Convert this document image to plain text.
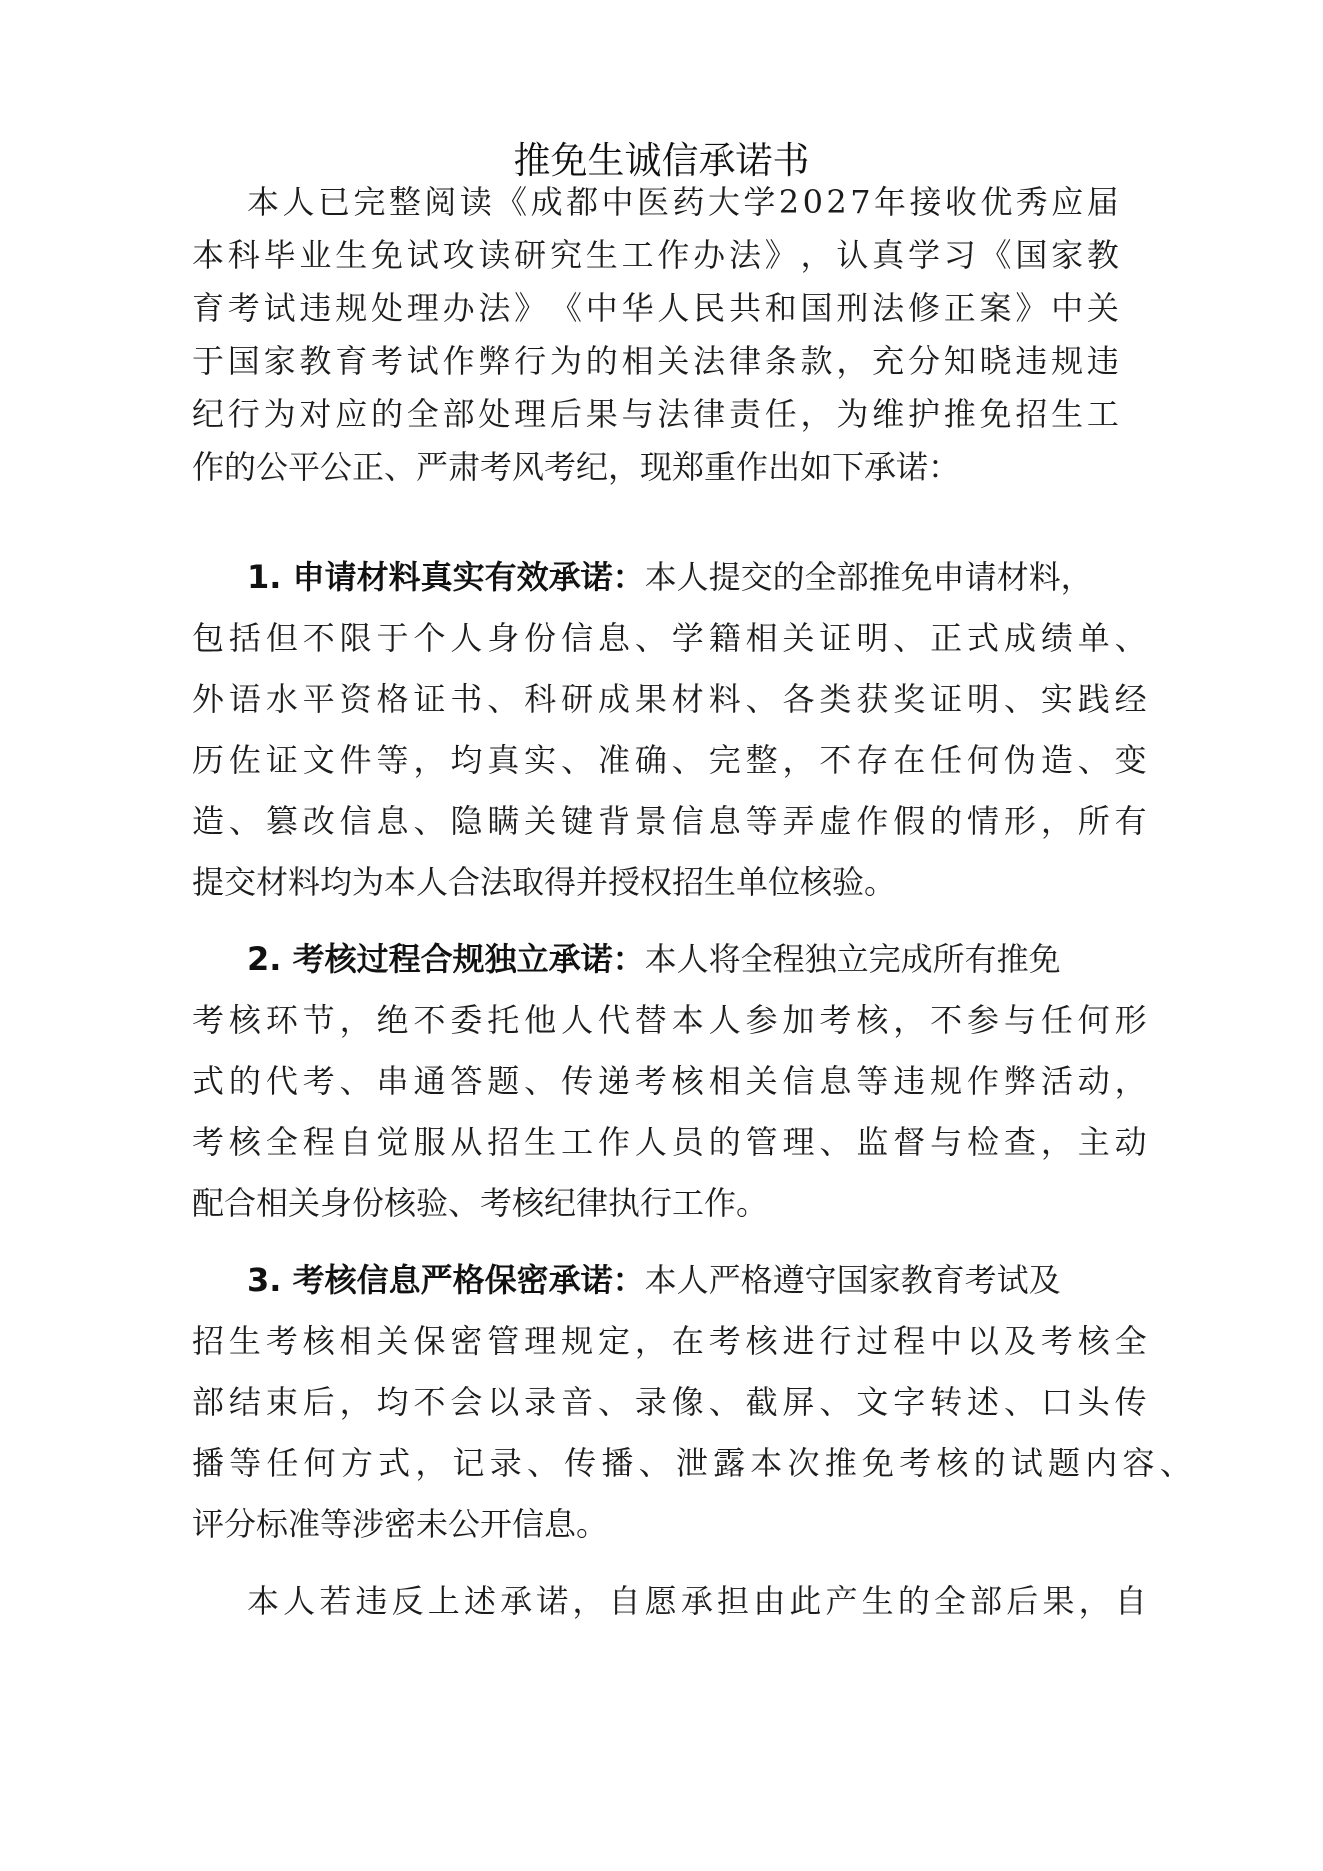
推免生诚信承诺书
本 人 已 完 整 阅 读 《 成 都 中 医 药 大 学 2 0 2 7 年 接 收 优 秀 应 届
本 科 毕 业 生 免 试 攻 读 研 究 生 工 作 办 法 》 ， 认 真 学 习 《 国 家 教
育 考 试 违 规 处 理 办 法 》 《 中 华 人 民 共 和 国 刑 法 修 正 案 》 中 关
于 国 家 教 育 考 试 作 弊 行 为 的 相 关 法 律 条 款 ， 充 分 知 晓 违 规 违
纪 行 为 对 应 的 全 部 处 理 后 果 与 法 律 责 任 ， 为 维 护 推 免 招 生 工
作的公平公正、严肃考风考纪，现郑重作出如下承诺：
1. 申请材料真实有效承诺：本人提交的全部推免申请材料，
包 括 但 不 限 于 个 人 身 份 信 息 、 学 籍 相 关 证 明 、 正 式 成 绩 单 、
外 语 水 平 资 格 证 书 、 科 研 成 果 材 料 、 各 类 获 奖 证 明 、 实 践 经
历 佐 证 文 件 等 ， 均 真 实 、 准 确 、 完 整 ， 不 存 在 任 何 伪 造 、 变
造 、 篡 改 信 息 、 隐 瞒 关 键 背 景 信 息 等 弄 虚 作 假 的 情 形 ， 所 有
提交材料均为本人合法取得并授权招生单位核验。
2. 考核过程合规独立承诺：本人将全程独立完成所有推免
考 核 环 节 ， 绝 不 委 托 他 人 代 替 本 人 参 加 考 核 ， 不 参 与 任 何 形
式 的 代 考 、 串 通 答 题 、 传 递 考 核 相 关 信 息 等 违 规 作 弊 活 动 ，
考 核 全 程 自 觉 服 从 招 生 工 作 人 员 的 管 理 、 监 督 与 检 查 ， 主 动
配合相关身份核验、考核纪律执行工作。
3. 考核信息严格保密承诺：本人严格遵守国家教育考试及
招 生 考 核 相 关 保 密 管 理 规 定 ， 在 考 核 进 行 过 程 中 以 及 考 核 全
部 结 束 后 ， 均 不 会 以 录 音 、 录 像 、 截 屏 、 文 字 转 述 、 口 头 传
播 等 任 何 方 式 ， 记 录 、 传 播 、 泄 露 本 次 推 免 考 核 的 试 题 内 容 、
评分标准等涉密未公开信息。
本 人 若 违 反 上 述 承 诺 ， 自 愿 承 担 由 此 产 生 的 全 部 后 果 ， 自
